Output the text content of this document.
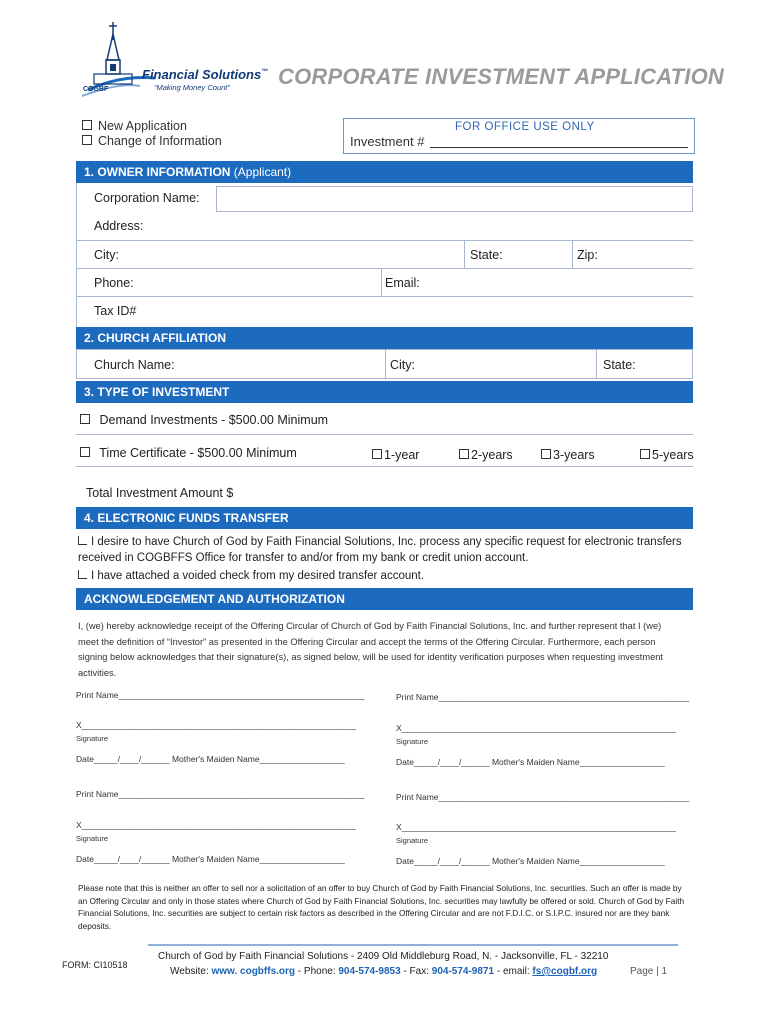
Financial Solutions™
“Making Money Count”
COGBF
CORPORATE INVESTMENT APPLICATION
New Application
Change of Information
FOR OFFICE USE ONLY
Investment #
1. OWNER INFORMATION (Applicant)
Corporation Name:
Address:
City:	State:	Zip:
Phone:	Email:
Tax ID#
2. CHURCH AFFILIATION
Church Name:	City:	State:
3. TYPE OF INVESTMENT
Demand Investments - $500.00 Minimum
Time Certificate - $500.00 Minimum	1-year	2-years	3-years	5-years
Total Investment Amount $
4. ELECTRONIC FUNDS TRANSFER
I desire to have Church of God by Faith Financial Solutions, Inc. process any specific request for electronic transfers
received in COGBFFS Office for transfer to and/or from my bank or credit union account.
I have attached a voided check from my desired transfer account.
ACKNOWLEDGEMENT AND AUTHORIZATION
I, (we) hereby acknowledge receipt of the Offering Circular of Church of God by Faith Financial Solutions, Inc. and further represent that I (we) meet the definition of “Investor” as presented in the Offering Circular and accept the terms of the Offering Circular. Furthermore, each person signing below acknowledges that their signature(s), as signed below, will be used for identity verification purposes when requesting investment activities.
Print Name____________________________________________________
X__________________________________________________________
Signature
Date_____/____/______ Mother's Maiden Name__________________
Print Name_____________________________________________________
X__________________________________________________________
Signature
Date_____/____/______ Mother's Maiden Name__________________
Print Name____________________________________________________
X__________________________________________________________
Signature
Date_____/____/______ Mother's Maiden Name__________________
Print Name_____________________________________________________
X__________________________________________________________
Signature
Date_____/____/______ Mother's Maiden Name__________________
Please note that this is neither an offer to sell nor a solicitation of an offer to buy Church of God by Faith Financial Solutions, Inc. securities. Such an offer is made by an Offering Circular and only in those states where Church of God by Faith Financial Solutions, Inc. securities may lawfully be offered or sold. Church of God by Faith Financial Solutions, Inc. securities are subject to certain risk factors as described in the Offering Circular and are not F.D.I.C. or S.I.P.C. insured nor are they bank deposits.
FORM: CI10518
Church of God by Faith Financial Solutions - 2409 Old Middleburg Road, N. - Jacksonville, FL - 32210
Website: www. cogbffs.org - Phone: 904-574-9853 - Fax: 904-574-9871 - email: fs@cogbf.org	Page | 1
